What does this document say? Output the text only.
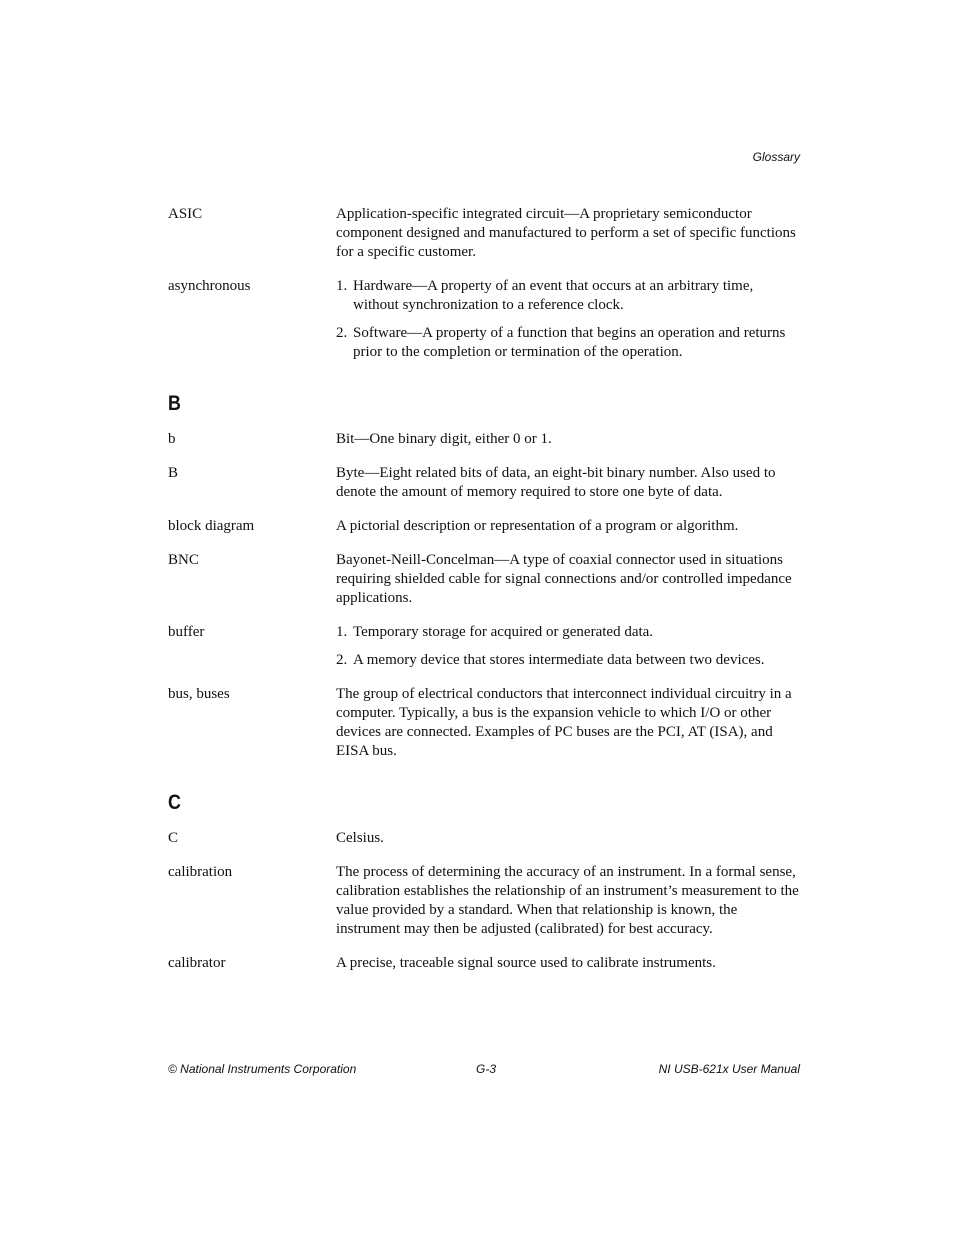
Glossary
ASIC	Application-specific integrated circuit—A proprietary semiconductor component designed and manufactured to perform a set of specific functions for a specific customer.
asynchronous	1. Hardware—A property of an event that occurs at an arbitrary time, without synchronization to a reference clock.
2. Software—A property of a function that begins an operation and returns prior to the completion or termination of the operation.
B
b	Bit—One binary digit, either 0 or 1.
B	Byte—Eight related bits of data, an eight-bit binary number. Also used to denote the amount of memory required to store one byte of data.
block diagram	A pictorial description or representation of a program or algorithm.
BNC	Bayonet-Neill-Concelman—A type of coaxial connector used in situations requiring shielded cable for signal connections and/or controlled impedance applications.
buffer	1. Temporary storage for acquired or generated data.
2. A memory device that stores intermediate data between two devices.
bus, buses	The group of electrical conductors that interconnect individual circuitry in a computer. Typically, a bus is the expansion vehicle to which I/O or other devices are connected. Examples of PC buses are the PCI, AT (ISA), and EISA bus.
C
C	Celsius.
calibration	The process of determining the accuracy of an instrument. In a formal sense, calibration establishes the relationship of an instrument’s measurement to the value provided by a standard. When that relationship is known, the instrument may then be adjusted (calibrated) for best accuracy.
calibrator	A precise, traceable signal source used to calibrate instruments.
© National Instruments Corporation	G-3	NI USB-621x User Manual
